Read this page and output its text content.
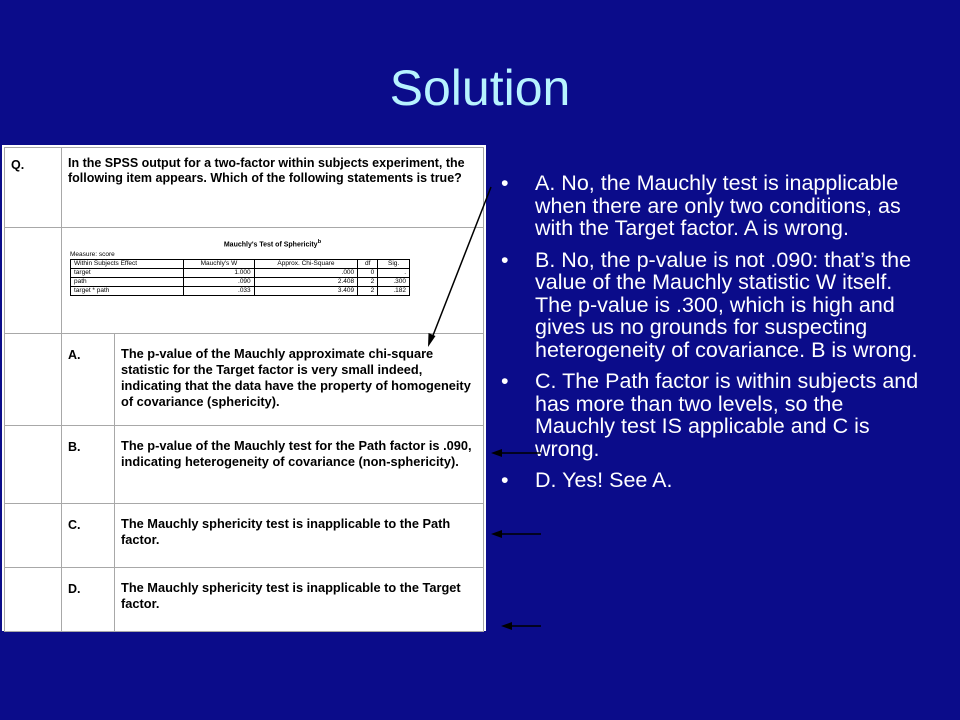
Solution
Q.	In the SPSS output for a two-factor within subjects experiment, the following item appears. Which of the following statements is true?

Mauchly's Test of Sphericity$^b$
Measure: score
Within Subjects Effect	Mauchly's W	Approx. Chi-Square	df	Sig.
target	1.000	.000	0	.
path	.090	2.408	2	.300
target * path	.033	3.409	2	.182

	A.	The p-value of the Mauchly approximate chi-square statistic for the Target factor is very small indeed, indicating that the data have the property of homogeneity of covariance (sphericity).
	B.	The p-value of the Mauchly test for the Path factor is .090, indicating heterogeneity of covariance (non-sphericity).
	C.	The Mauchly sphericity test is inapplicable to the Path factor.
	D.	The Mauchly sphericity test is inapplicable to the Target factor.
• A. No, the Mauchly test is inapplicable when there are only two conditions, as with the Target factor. A is wrong.
• B. No, the p-value is not .090: that’s the value of the Mauchly statistic W itself. The p-value is .300, which is high and gives us no grounds for suspecting heterogeneity of covariance. B is wrong.
• C. The Path factor is within subjects and has more than two levels, so the Mauchly test IS applicable and C is wrong.
• D. Yes! See A.
